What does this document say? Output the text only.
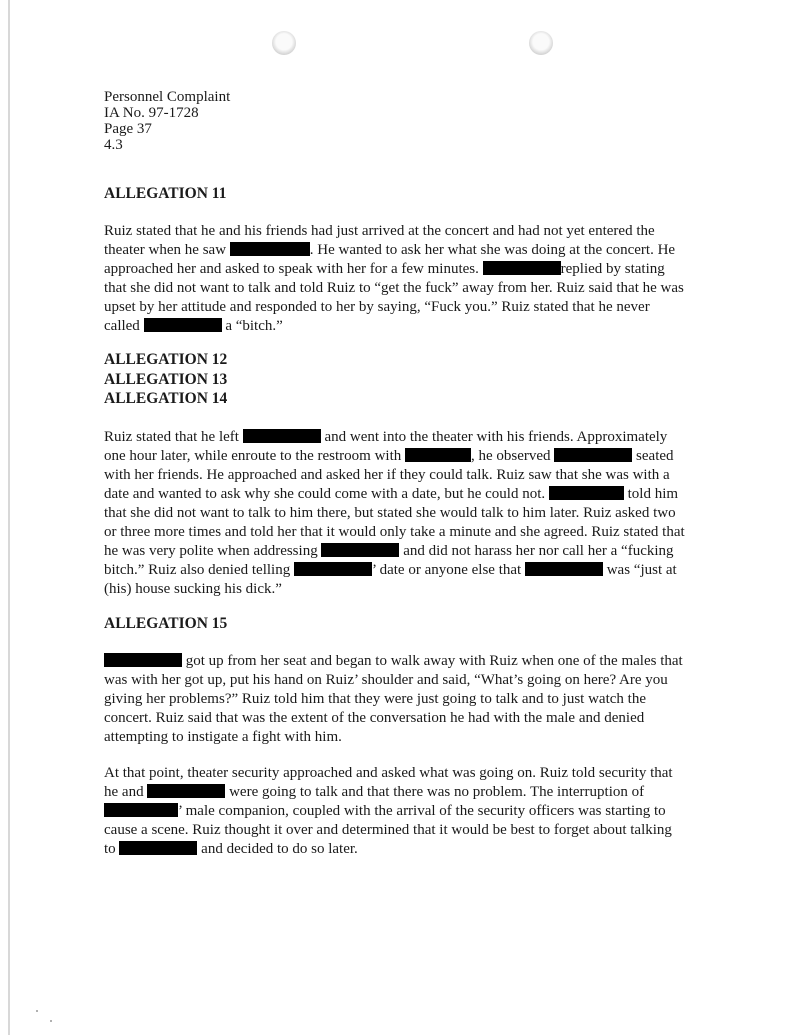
Personnel Complaint
IA No. 97-1728
Page 37
4.3
ALLEGATION 11
Ruiz stated that he and his friends had just arrived at the concert and had not yet entered the
theater when he saw	. He wanted to ask her what she was doing at the concert. He
approached her and asked to speak with her for a few minutes.	replied by stating
that she did not want to talk and told Ruiz to “get the fuck” away from her. Ruiz said that he was
upset by her attitude and responded to her by saying, “Fuck you.” Ruiz stated that he never
called	a “bitch.”
ALLEGATION 12
ALLEGATION 13
ALLEGATION 14
Ruiz stated that he left	and went into the theater with his friends. Approximately
one hour later, while enroute to the restroom with	, he observed	seated
with her friends. He approached and asked her if they could talk. Ruiz saw that she was with a
date and wanted to ask why she could come with a date, but he could not.	told him
that she did not want to talk to him there, but stated she would talk to him later. Ruiz asked two
or three more times and told her that it would only take a minute and she agreed. Ruiz stated that
he was very polite when addressing	and did not harass her nor call her a “fucking
bitch.” Ruiz also denied telling	’ date or anyone else that	was “just at
(his) house sucking his dick.”
ALLEGATION 15
got up from her seat and began to walk away with Ruiz when one of the males that
was with her got up, put his hand on Ruiz’ shoulder and said, “What’s going on here? Are you
giving her problems?” Ruiz told him that they were just going to talk and to just watch the
concert. Ruiz said that was the extent of the conversation he had with the male and denied
attempting to instigate a fight with him.
At that point, theater security approached and asked what was going on. Ruiz told security that
he and	were going to talk and that there was no problem. The interruption of
’ male companion, coupled with the arrival of the security officers was starting to
cause a scene. Ruiz thought it over and determined that it would be best to forget about talking
to	and decided to do so later.
